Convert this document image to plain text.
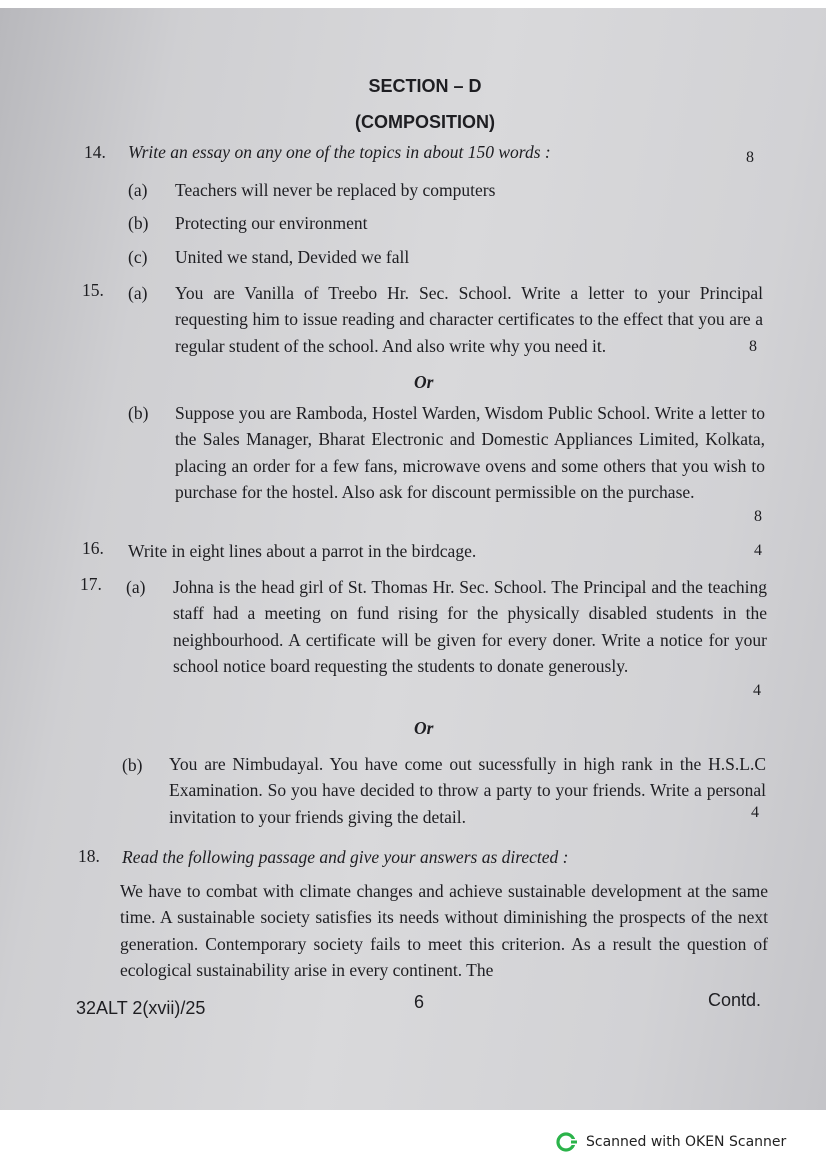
SECTION – D
(COMPOSITION)
14. Write an essay on any one of the topics in about 150 words :	8
(a) Teachers will never be replaced by computers
(b) Protecting our environment
(c) United we stand, Devided we fall
15. (a) You are Vanilla of Treebo Hr. Sec. School. Write a letter to your Principal requesting him to issue reading and character certificates to the effect that you are a regular student of the school. And also write why you need it.	8
Or
(b) Suppose you are Ramboda, Hostel Warden, Wisdom Public School. Write a letter to the Sales Manager, Bharat Electronic and Domestic Appliances Limited, Kolkata, placing an order for a few fans, microwave ovens and some others that you wish to purchase for the hostel. Also ask for discount permissible on the purchase.
8
16. Write in eight lines about a parrot in the birdcage.	4
17. (a) Johna is the head girl of St. Thomas Hr. Sec. School. The Principal and the teaching staff had a meeting on fund rising for the physically disabled students in the neighbourhood. A certificate will be given for every doner. Write a notice for your school notice board requesting the students to donate generously.
4
Or
(b) You are Nimbudayal. You have come out sucessfully in high rank in the H.S.L.C Examination. So you have decided to throw a party to your friends. Write a personal invitation to your friends giving the detail.	4
18. Read the following passage and give your answers as directed :
We have to combat with climate changes and achieve sustainable development at the same time. A sustainable society satisfies its needs without diminishing the prospects of the next generation. Contemporary society fails to meet this criterion. As a result the question of ecological sustainability arise in every continent. The
32ALT 2(xvii)/25	6	Contd.
Scanned with OKEN Scanner
